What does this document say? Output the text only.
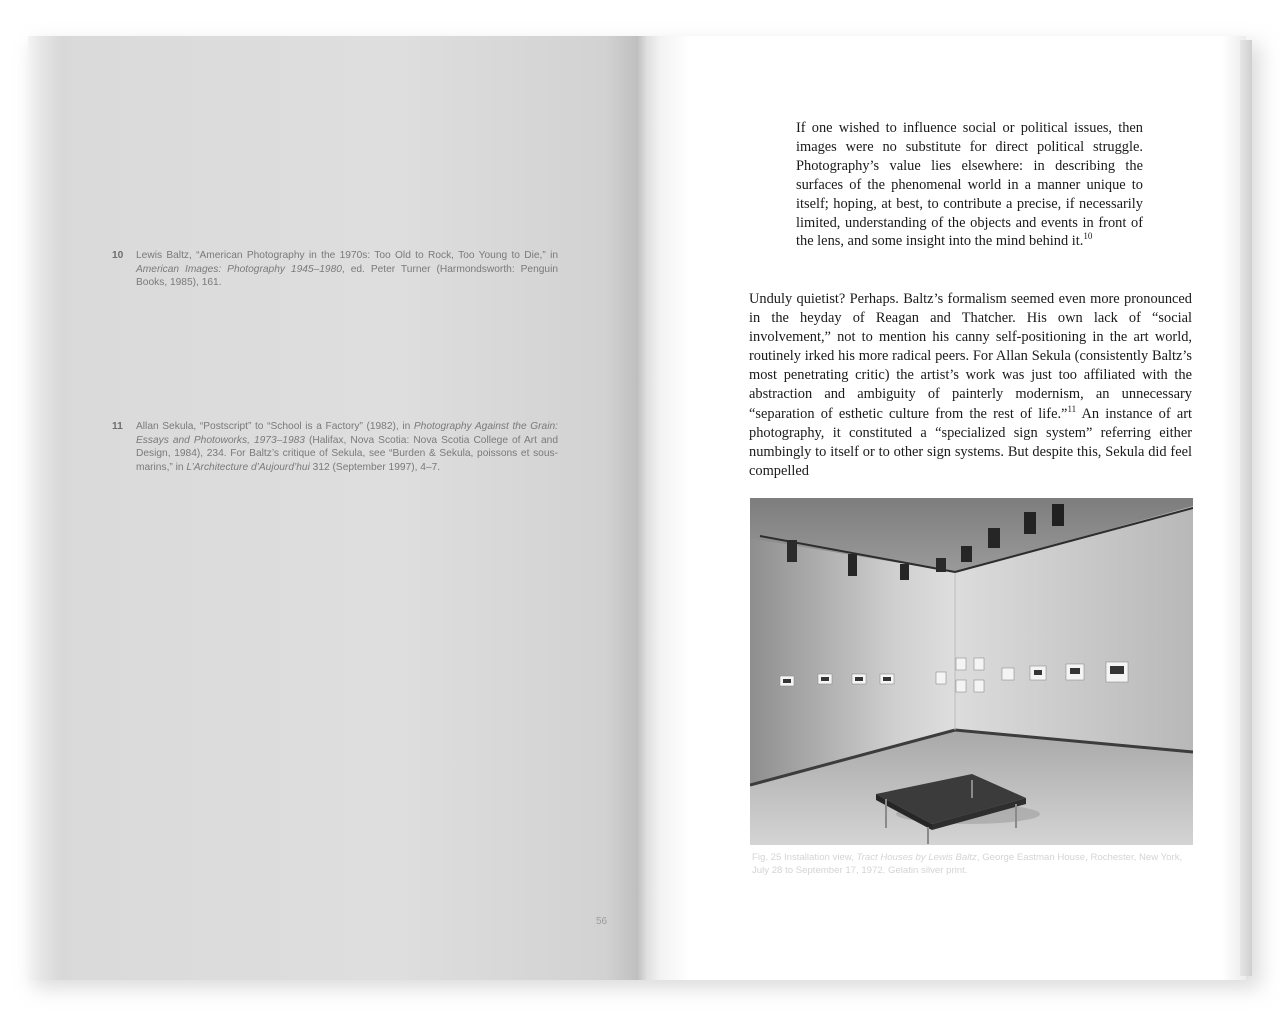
10 Lewis Baltz, “American Photography in the 1970s: Too Old to Rock, Too Young to Die,” in American Images: Photography 1945–1980, ed. Peter Turner (Harmondsworth: Penguin Books, 1985), 161.
11 Allan Sekula, “Postscript” to “School is a Factory” (1982), in Photography Against the Grain: Essays and Photoworks, 1973–1983 (Halifax, Nova Scotia: Nova Scotia College of Art and Design, 1984), 234. For Baltz’s critique of Sekula, see “Burden & Sekula, poissons et sous-marins,” in L’Architecture d’Aujourd’hui 312 (September 1997), 4–7.
56

If one wished to influence social or political issues, then images were no substitute for direct political struggle. Photography’s value lies elsewhere: in describing the surfaces of the phenomenal world in a manner unique to itself; hoping, at best, to contribute a precise, if necessarily limited, understanding of the objects and events in front of the lens, and some insight into the mind behind it.$^{10}$

Unduly quietist? Perhaps. Baltz’s formalism seemed even more pronounced in the heyday of Reagan and Thatcher. His own lack of “social involvement,” not to mention his canny self-positioning in the art world, routinely irked his more radical peers. For Allan Sekula (consistently Baltz’s most penetrating critic) the artist’s work was just too affiliated with the abstraction and ambiguity of painterly modernism, an unnecessary “separation of esthetic culture from the rest of life.”$^{11}$ An instance of art photography, it constituted a “specialized sign system” referring either numbingly to itself or to other sign systems. But despite this, Sekula did feel compelled

Fig. 25 Installation view, Tract Houses by Lewis Baltz, George Eastman House, Rochester, New York, July 28 to September 17, 1972. Gelatin silver print.
